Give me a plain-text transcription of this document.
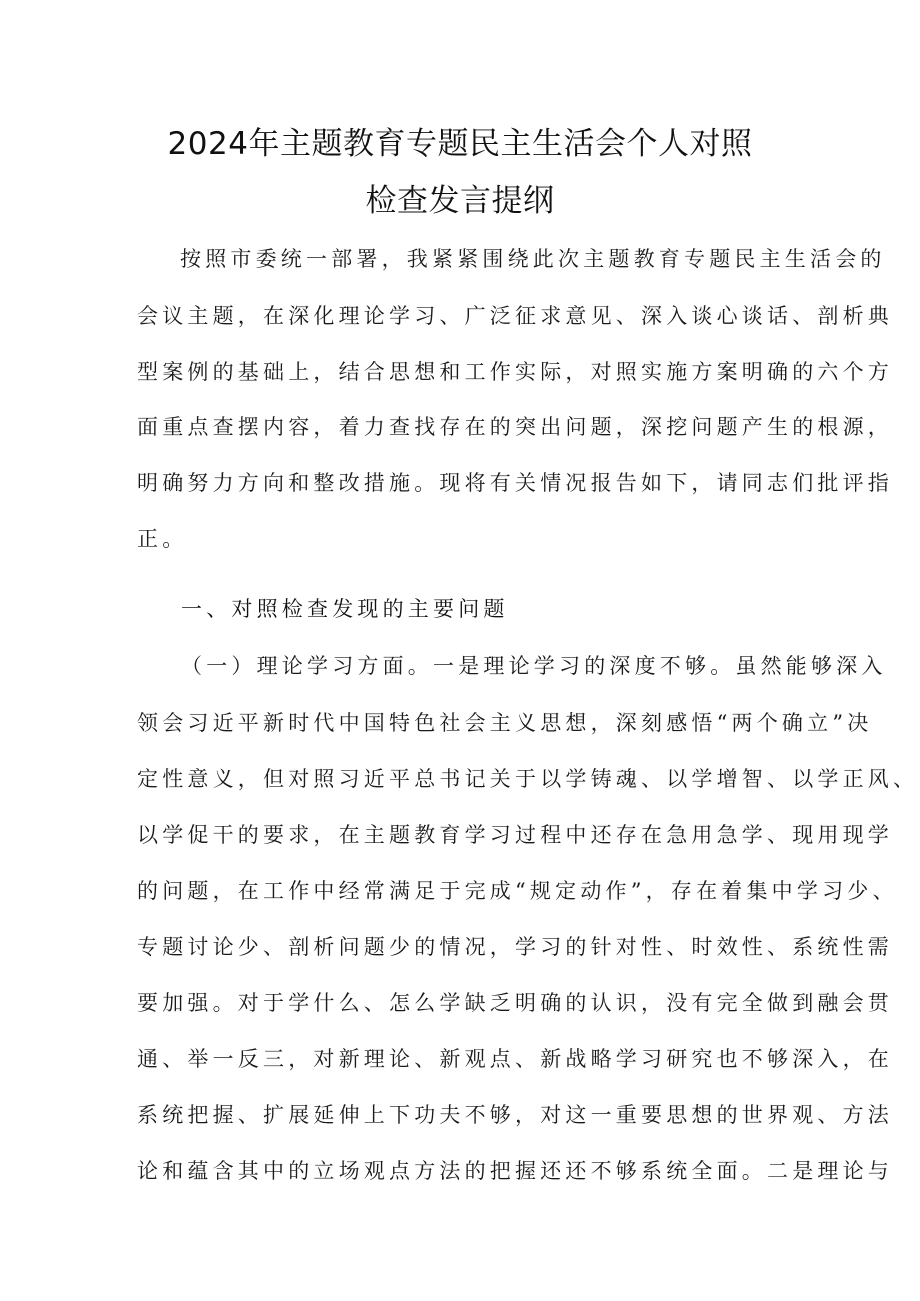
2024年主题教育专题民主生活会个人对照
检查发言提纲

按照市委统一部署，我紧紧围绕此次主题教育专题民主生活会的

会议主题，在深化理论学习、广泛征求意见、深入谈心谈话、剖析典

型案例的基础上，结合思想和工作实际，对照实施方案明确的六个方

面重点查摆内容，着力查找存在的突出问题，深挖问题产生的根源，

明确努力方向和整改措施。现将有关情况报告如下，请同志们批评指

正。

一、对照检查发现的主要问题

（一）理论学习方面。一是理论学习的深度不够。虽然能够深入

领会习近平新时代中国特色社会主义思想，深刻感悟“两个确立”决

定性意义，但对照习近平总书记关于以学铸魂、以学增智、以学正风、

以学促干的要求，在主题教育学习过程中还存在急用急学、现用现学

的问题，在工作中经常满足于完成“规定动作”，存在着集中学习少、

专题讨论少、剖析问题少的情况，学习的针对性、时效性、系统性需

要加强。对于学什么、怎么学缺乏明确的认识，没有完全做到融会贯

通、举一反三，对新理论、新观点、新战略学习研究也不够深入，在

系统把握、扩展延伸上下功夫不够，对这一重要思想的世界观、方法

论和蕴含其中的立场观点方法的把握还还不够系统全面。二是理论与
